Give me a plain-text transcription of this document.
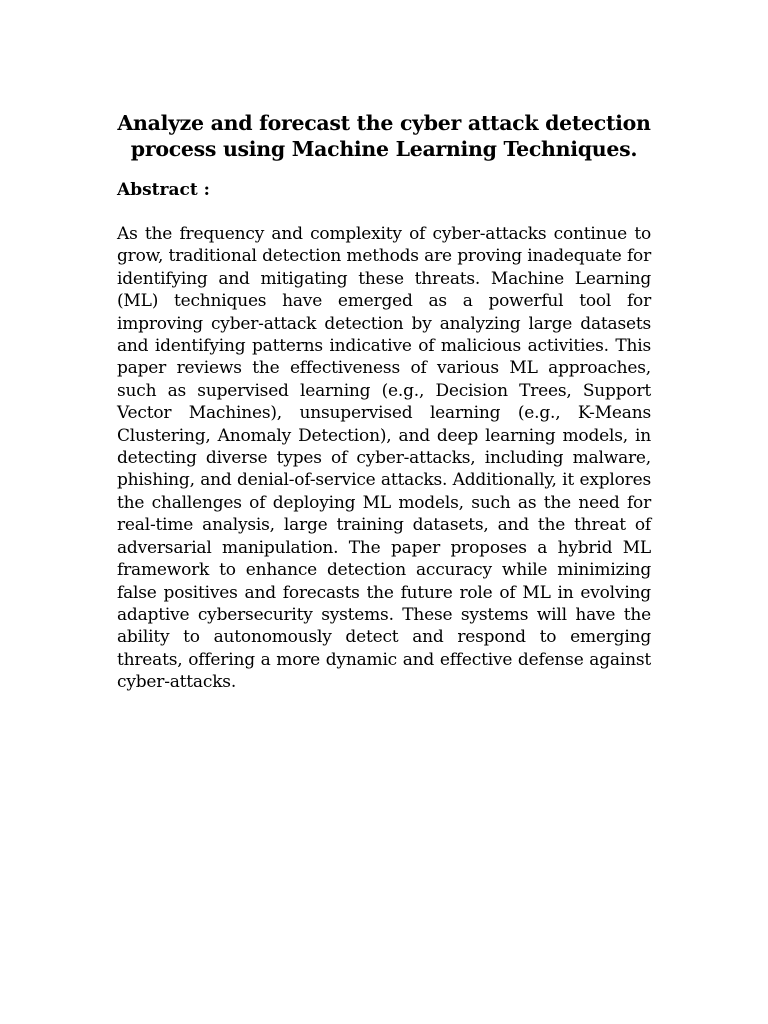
Analyze and forecast the cyber attack detection process using Machine Learning Techniques.
Abstract :

As the frequency and complexity of cyber-attacks continue to grow, traditional detection methods are proving inadequate for identifying and mitigating these threats. Machine Learning (ML) techniques have emerged as a powerful tool for improving cyber-attack detection by analyzing large datasets and identifying patterns indicative of malicious activities. This paper reviews the effectiveness of various ML approaches, such as supervised learning (e.g., Decision Trees, Support Vector Machines), unsupervised learning (e.g., K-Means Clustering, Anomaly Detection), and deep learning models, in detecting diverse types of cyber-attacks, including malware, phishing, and denial-of-service attacks. Additionally, it explores the challenges of deploying ML models, such as the need for real-time analysis, large training datasets, and the threat of adversarial manipulation. The paper proposes a hybrid ML framework to enhance detection accuracy while minimizing false positives and forecasts the future role of ML in evolving adaptive cybersecurity systems. These systems will have the ability to autonomously detect and respond to emerging threats, offering a more dynamic and effective defense against cyber-attacks.
